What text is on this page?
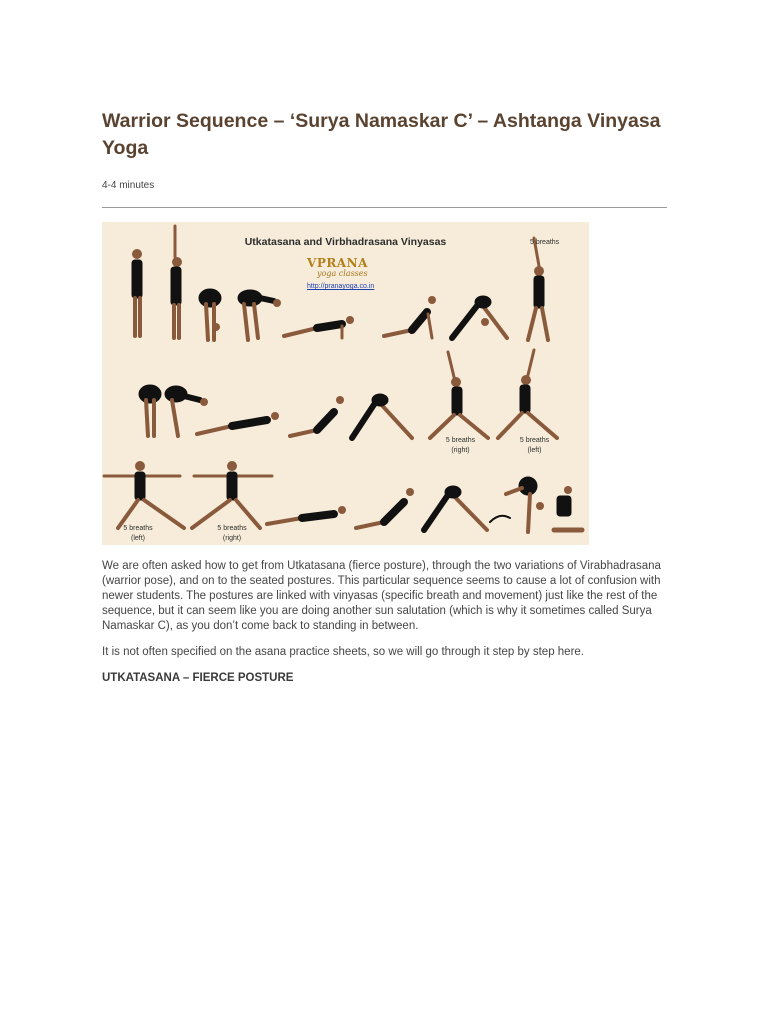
Warrior Sequence – ‘Surya Namaskar C’ – Ashtanga Vinyasa Yoga
4-4 minutes
Utkatasana and Virbhadrasana Vinyasas
VPRANA
yoga classes
http://pranayoga.co.in
5 breaths
5 breaths
(right)
5 breaths
(left)
5 breaths
(left)
5 breaths
(right)

We are often asked how to get from Utkatasana (fierce posture), through the two variations of Virabhadrasana (warrior pose), and on to the seated postures. This particular sequence seems to cause a lot of confusion with newer students. The postures are linked with vinyasas (specific breath and movement) just like the rest of the sequence, but it can seem like you are doing another sun salutation (which is why it sometimes called Surya Namaskar C), as you don’t come back to standing in between.

It is not often specified on the asana practice sheets, so we will go through it step by step here.

UTKATASANA – FIERCE POSTURE
